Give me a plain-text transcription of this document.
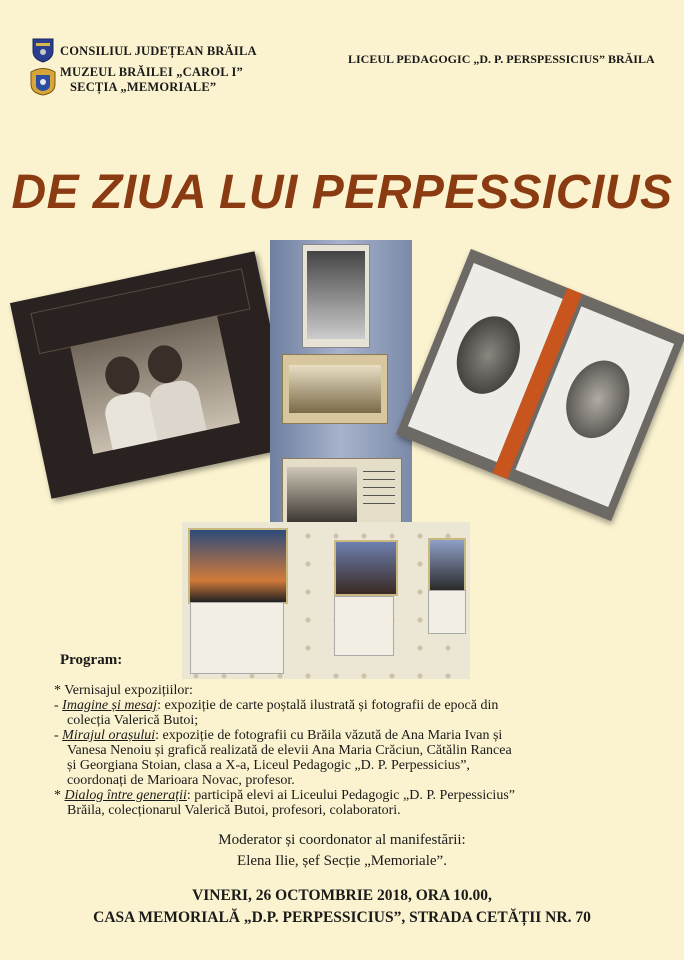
CONSILIUL JUDEȚEAN BRĂILA
MUZEUL BRĂILEI „CAROL I”
SECȚIA „MEMORIALE”
LICEUL PEDAGOGIC „D. P. PERSPESSICIUS” BRĂILA
DE ZIUA LUI PERPESSICIUS
Program:
* Vernisajul expozițiilor:
- Imagine și mesaj: expoziție de carte poștală ilustrată și fotografii de epocă din
colecția Valerică Butoi;
- Mirajul orașului: expoziție de fotografii cu Brăila văzută de Ana Maria Ivan și
Vanesa Nenoiu și grafică realizată de elevii Ana Maria Crăciun, Cătălin Rancea
și Georgiana Stoian, clasa a X-a, Liceul Pedagogic „D. P. Perpessicius”,
coordonați de Marioara Novac, profesor.
* Dialog între generații: participă elevi ai Liceului Pedagogic „D. P. Perpessicius”
Brăila, colecționarul Valerică Butoi, profesori, colaboratori.
Moderator și coordonator al manifestării:
Elena Ilie, șef Secție „Memoriale”.
VINERI, 26 OCTOMBRIE 2018, ORA 10.00,
CASA MEMORIALĂ „D.P. PERPESSICIUS”, STRADA CETĂȚII NR. 70
